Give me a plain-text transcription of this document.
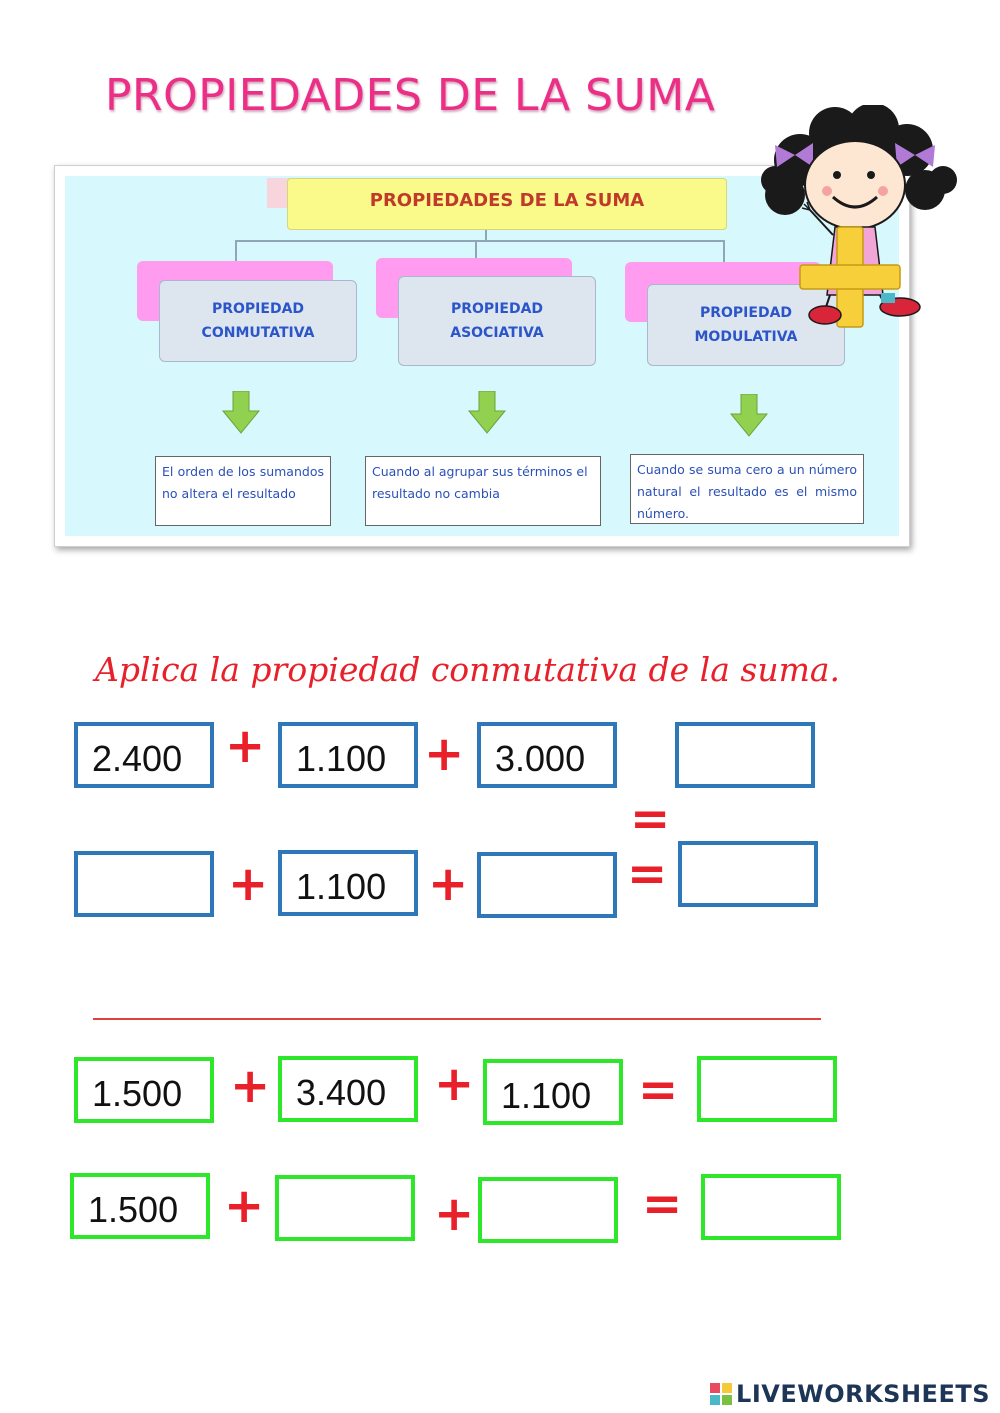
PROPIEDADES DE LA SUMA
PROPIEDADES DE LA SUMA
PROPIEDAD
CONMUTATIVA
PROPIEDAD
ASOCIATIVA
PROPIEDAD
MODULATIVA
El orden de los sumandos no altera el resultado
Cuando al agrupar sus términos el resultado no cambia
Cuando se suma cero a un número natural el resultado es el mismo número.
Aplica la propiedad conmutativa de la suma.
2.400 + 1.100 + 3.000
=
+ 1.100 +	=
1.500 + 3.400 + 1.100 =
1.500 +	+	=
LIVEWORKSHEETS
